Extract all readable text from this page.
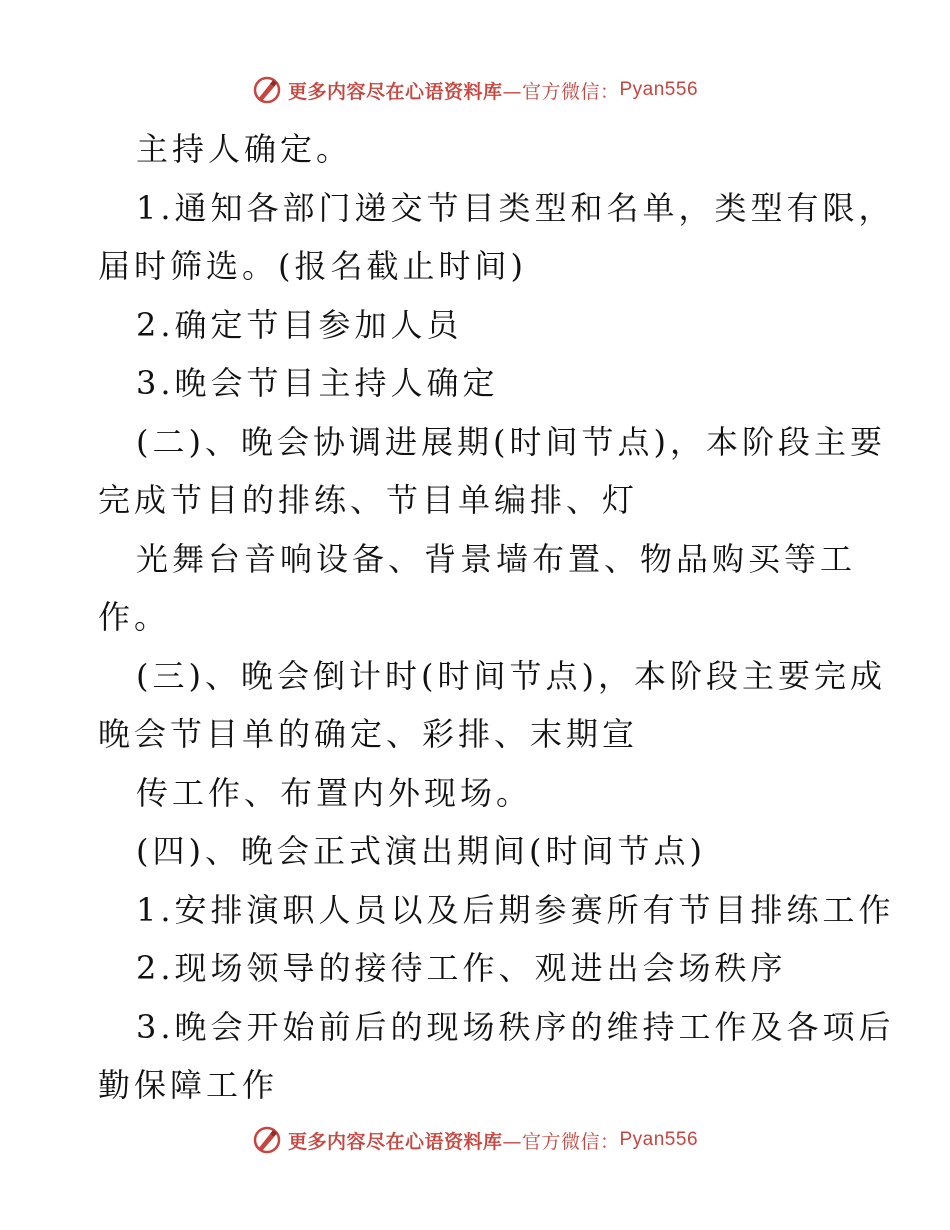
更多内容尽在心语资料库 —官方微信： Pyan556
主持人确定。
1.通知各部门递交节目类型和名单，类型有限，
届时筛选。(报名截止时间)
2.确定节目参加人员
3.晚会节目主持人确定
(二)、晚会协调进展期(时间节点)，本阶段主要
完成节目的排练、节目单编排、灯
光舞台音响设备、背景墙布置、物品购买等工
作。
(三)、晚会倒计时(时间节点)，本阶段主要完成
晚会节目单的确定、彩排、末期宣
传工作、布置内外现场。
(四)、晚会正式演出期间(时间节点)
1.安排演职人员以及后期参赛所有节目排练工作
2.现场领导的接待工作、观进出会场秩序
3.晚会开始前后的现场秩序的维持工作及各项后
勤保障工作
更多内容尽在心语资料库 —官方微信： Pyan556
